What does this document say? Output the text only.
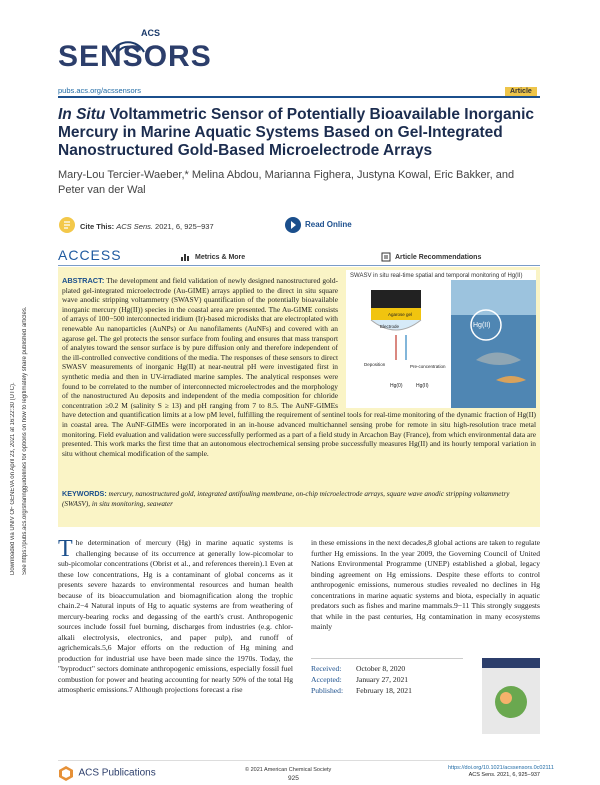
Downloaded via UNIV OF GENEVA on April 23, 2021 at 16:22:30 (UTC). See https://pubs.acs.org/sharingguidelines for options on how to legitimately share published articles.
ACS
SENSORS
pubs.acs.org/acssensors	Article
In Situ Voltammetric Sensor of Potentially Bioavailable Inorganic Mercury in Marine Aquatic Systems Based on Gel-Integrated Nanostructured Gold-Based Microelectrode Arrays
Mary-Lou Tercier-Waeber,* Melina Abdou, Marianna Fighera, Justyna Kowal, Eric Bakker, and Peter van der Wal
Cite This: ACS Sens. 2021, 6, 925−937	Read Online
ACCESS	Metrics & More	Article Recommendations
SWASV in situ real-time spatial and temporal monitoring of Hg(II)
Hg(II)
Agarose gel
Electrode
Deposition	Pre-concentration
Hg(0)	Hg(II)
ABSTRACT: The development and field validation of newly designed nanostructured gold-plated gel-integrated microelectrode (Au-GIME) arrays applied to the direct in situ square wave anodic stripping voltammetry (SWASV) quantification of the potentially bioavailable inorganic mercury (Hg(II)) species in the coastal area are presented. The Au-GIME consists of arrays of 100−500 interconnected iridium (Ir)-based microdisks that are electroplated with renewable Au nanoparticles (AuNPs) or Au nanofilaments (AuNFs) and covered with an agarose gel. The gel protects the sensor surface from fouling and ensures that mass transport of analytes toward the sensor surface is by pure diffusion only and therefore independent of the ill-controlled convective conditions of the media. The responses of these sensors to direct SWASV measurements of inorganic Hg(II) at near-neutral pH were investigated first in synthetic media and then in UV-irradiated marine samples. The analytical responses were found to be correlated to the number of interconnected microelectrodes and the morphology of the nanostructured Au deposits and independent of the media composition for chloride concentration ≥0.2 M (salinity S ≥ 13) and pH ranging from 7 to 8.5. The AuNF-GIMEs have detection and quantification limits at a low pM level, fulfilling the requirement of sentinel tools for real-time monitoring of the dynamic fraction of Hg(II) in coastal area. The AuNF-GIMEs were incorporated in an in-house advanced multichannel sensing probe for remote in situ high-resolution trace metal monitoring. Field evaluation and validation were successfully performed as a part of a field study in Arcachon Bay (France), from which environmental data are presented. This work marks the first time that an autonomous electrochemical sensing probe successfully measures Hg(II) and its hourly temporal variation in situ without chemical modification of the sample.
KEYWORDS: mercury, nanostructured gold, integrated antifouling membrane, on-chip microelectrode arrays, square wave anodic stripping voltammetry (SWASV), in situ monitoring, seawater
The determination of mercury (Hg) in marine aquatic systems is challenging because of its occurrence at generally low-picomolar to sub-picomolar concentrations (Obrist et al., and references therein).1 Even at these low concentrations, Hg is a contaminant of global concerns as it presents severe hazards to environmental resources and human health because of its bioaccumulation and biomagnification along the trophic chain.2−4 Natural inputs of Hg to aquatic systems are from weathering of mercury-bearing rocks and degassing of the earth's crust. Anthropogenic sources include fossil fuel burning, discharges from industries (e.g. chlor-alkali electrolysis, electronics, and paper pulp), and runoff of agrichemicals.5,6 Major efforts on the reduction of Hg mining and production for industrial use have been made since the 1970s. Today, the "byproduct" sectors dominate anthropogenic emissions, especially fossil fuel combustion for power and heating accounting for nearly 50% of the total Hg atmospheric emissions.7 Although projections forecast a rise
in these emissions in the next decades,8 global actions are taken to regulate further Hg emissions. In the year 2009, the Governing Council of United Nations Environmental Programme (UNEP) established a global, legacy binding agreement on Hg emissions. Despite these efforts to control anthropogenic emissions, numerous studies revealed no declines in Hg concentrations in marine aquatic systems and biota, especially in aquatic predators such as fishes and marine mammals.9−11 This strongly suggests that while in the past centuries, Hg contamination in many ecosystems mainly
Received: October 8, 2020
Accepted: January 27, 2021
Published: February 18, 2021
ACS Publications	© 2021 American Chemical Society
925
https://doi.org/10.1021/acssensors.0c02111
ACS Sens. 2021, 6, 925−937
